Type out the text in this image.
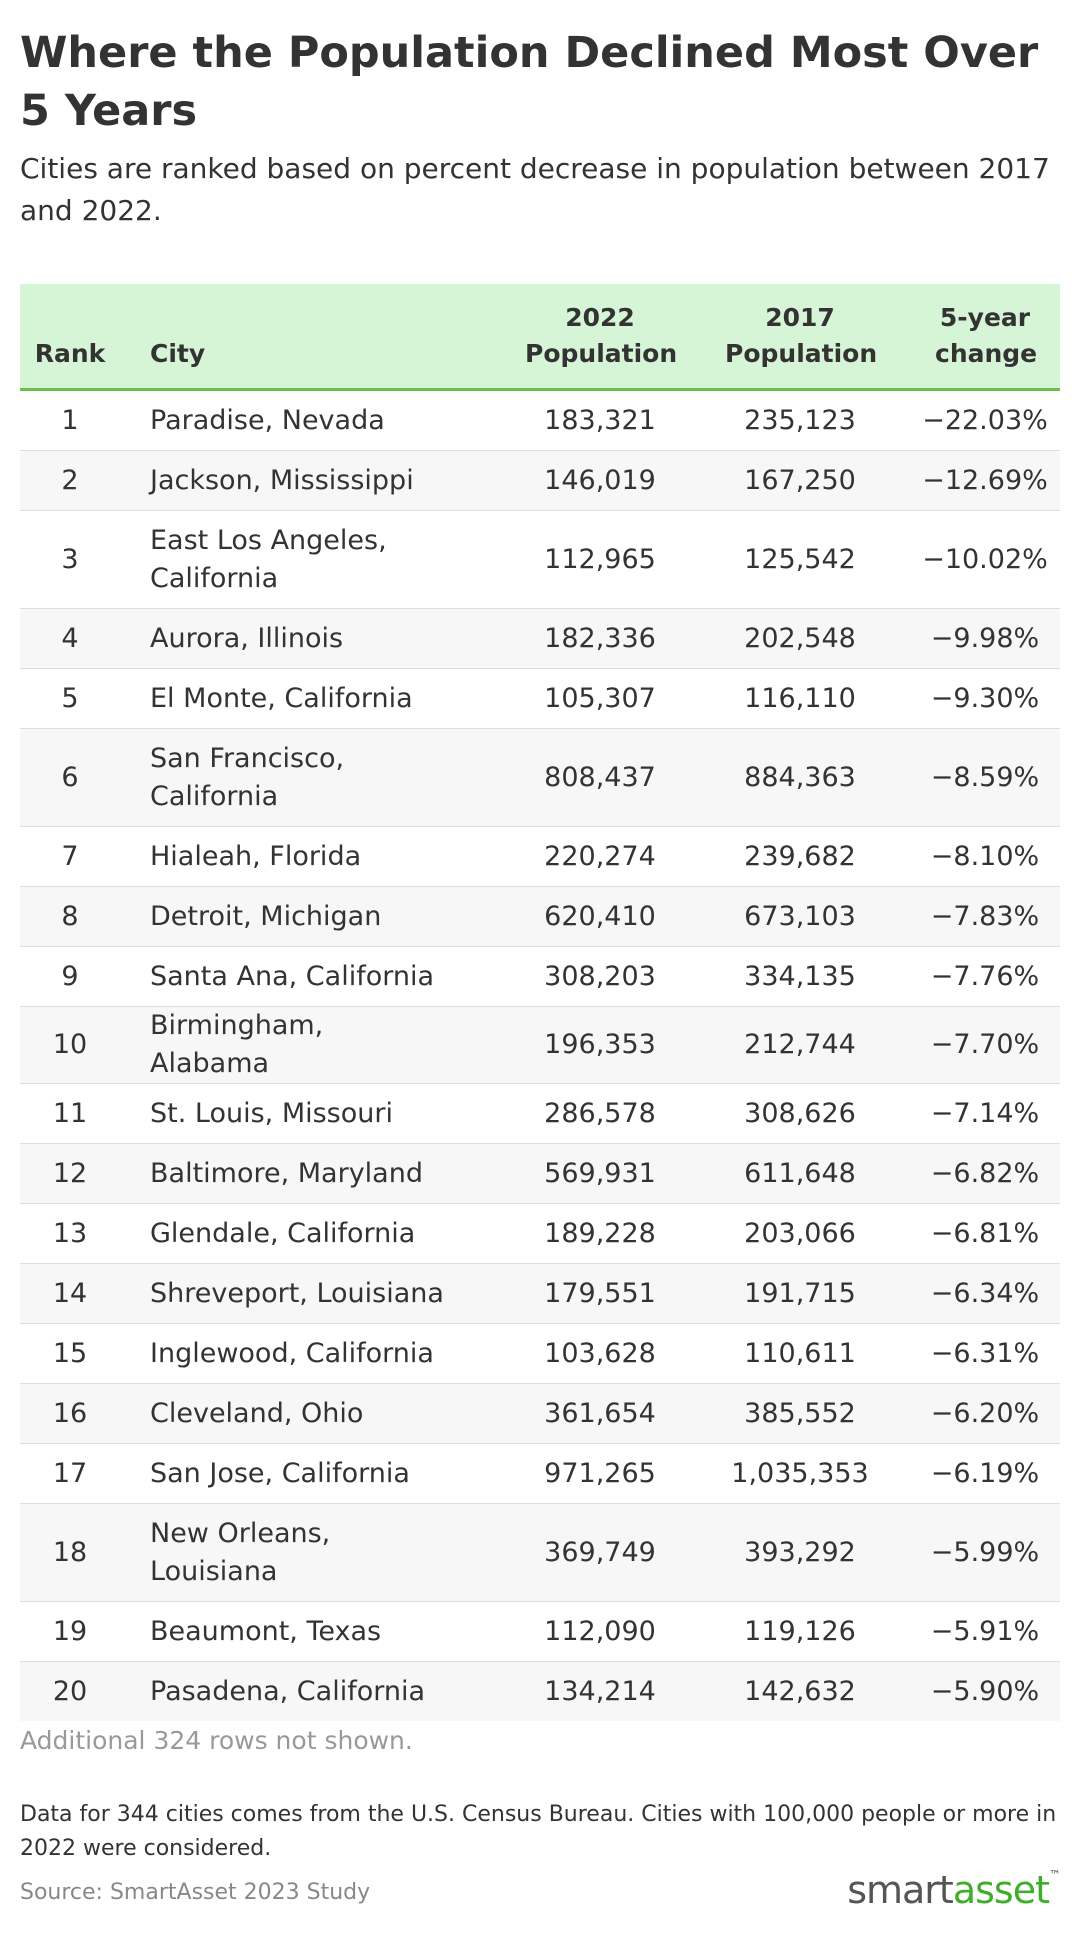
Where the Population Declined Most Over 5 Years

Cities are ranked based on percent decrease in population between 2017 and 2022.

Rank	City	2022 Population	2017 Population	5-year change
1	Paradise, Nevada	183,321	235,123	−22.03%
2	Jackson, Mississippi	146,019	167,250	−12.69%
3	East Los Angeles, California	112,965	125,542	−10.02%
4	Aurora, Illinois	182,336	202,548	−9.98%
5	El Monte, California	105,307	116,110	−9.30%
6	San Francisco, California	808,437	884,363	−8.59%
7	Hialeah, Florida	220,274	239,682	−8.10%
8	Detroit, Michigan	620,410	673,103	−7.83%
9	Santa Ana, California	308,203	334,135	−7.76%
10	Birmingham, Alabama	196,353	212,744	−7.70%
11	St. Louis, Missouri	286,578	308,626	−7.14%
12	Baltimore, Maryland	569,931	611,648	−6.82%
13	Glendale, California	189,228	203,066	−6.81%
14	Shreveport, Louisiana	179,551	191,715	−6.34%
15	Inglewood, California	103,628	110,611	−6.31%
16	Cleveland, Ohio	361,654	385,552	−6.20%
17	San Jose, California	971,265	1,035,353	−6.19%
18	New Orleans, Louisiana	369,749	393,292	−5.99%
19	Beaumont, Texas	112,090	119,126	−5.91%
20	Pasadena, California	134,214	142,632	−5.90%
Additional 324 rows not shown.
Data for 344 cities comes from the U.S. Census Bureau. Cities with 100,000 people or more in 2022 were considered.
Source: SmartAsset 2023 Study	smartasset™
